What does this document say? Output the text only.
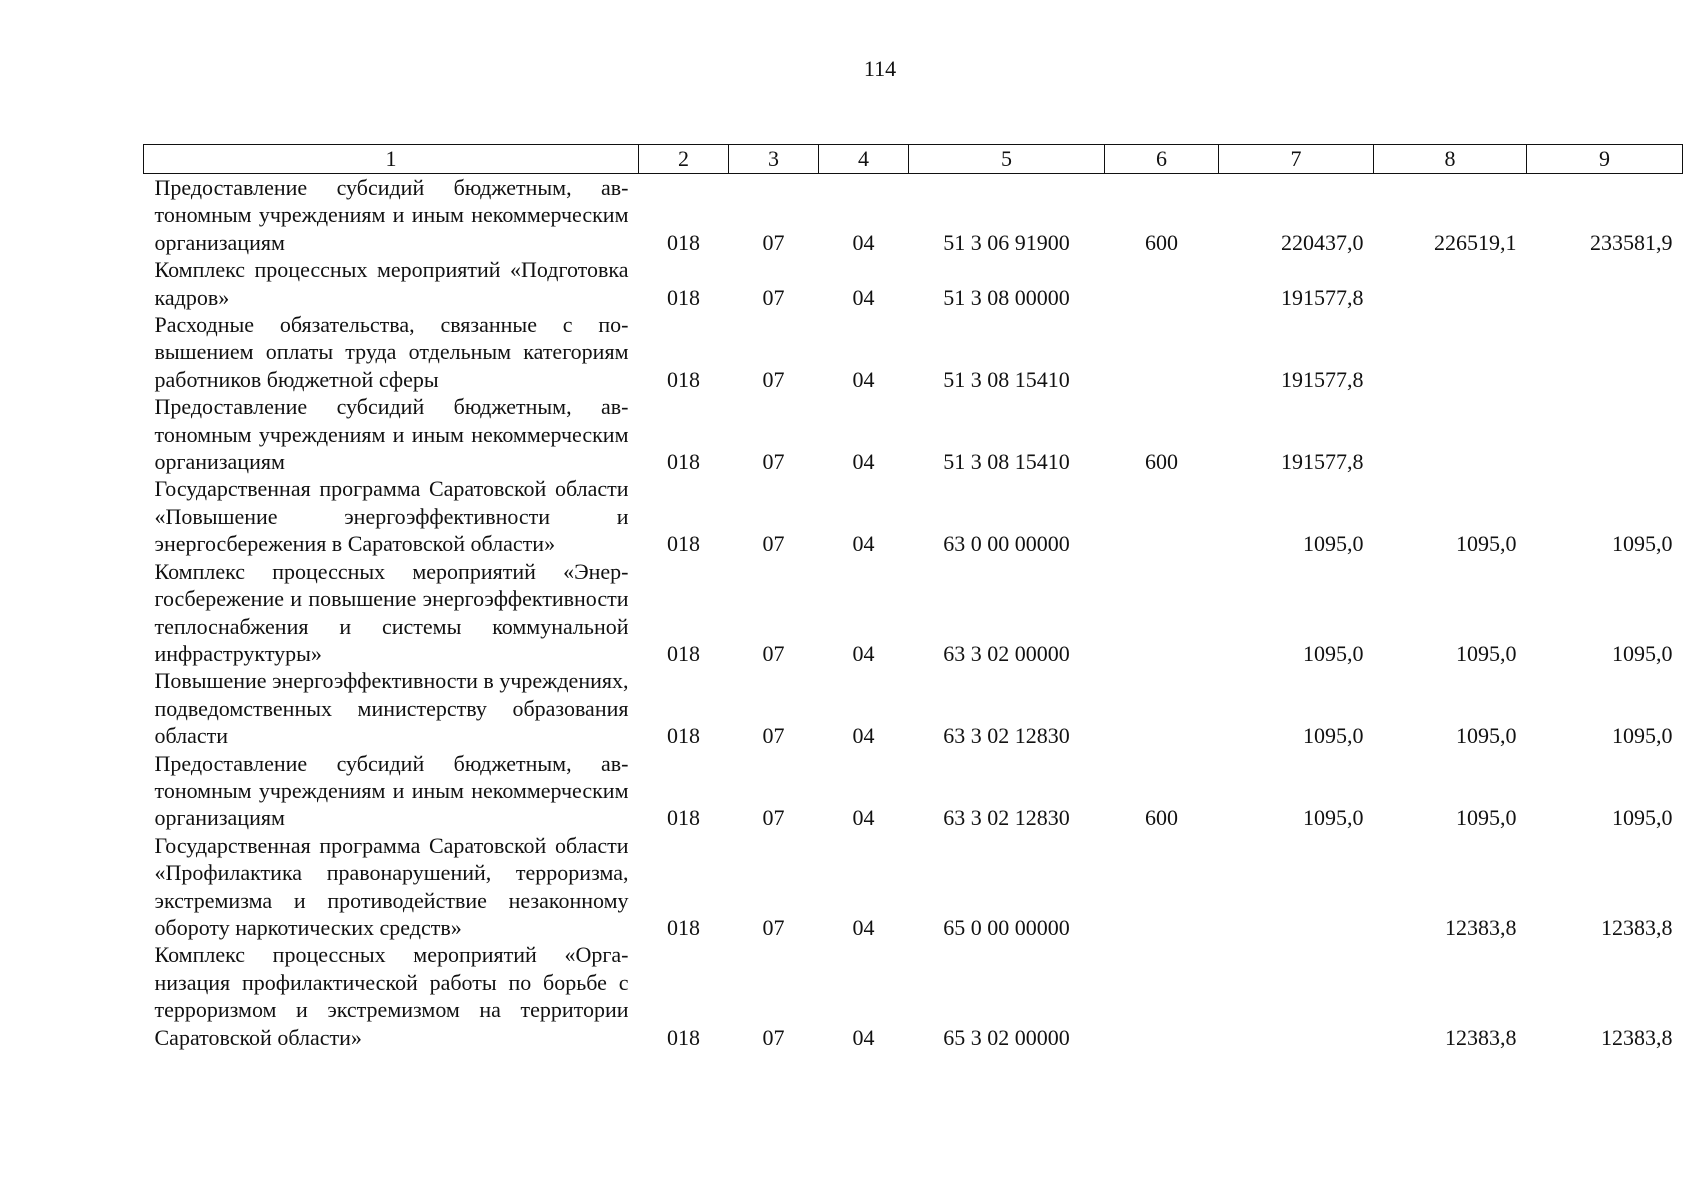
114
1	2	3	4	5	6	7	8	9
Предоставление субсидий бюджетным, автономным учреждениям и иным некоммерческим организациям	018	07	04	51 3 06 91900	600	220437,0	226519,1	233581,9
Комплекс процессных мероприятий «Подготовка кадров»	018	07	04	51 3 08 00000		191577,8		
Расходные обязательства, связанные с повышением оплаты труда отдельным категориям работников бюджетной сферы	018	07	04	51 3 08 15410		191577,8		
Предоставление субсидий бюджетным, автономным учреждениям и иным некоммерческим организациям	018	07	04	51 3 08 15410	600	191577,8		
Государственная программа Саратовской области «Повышение энергоэффективности и энергосбережения в Саратовской области»	018	07	04	63 0 00 00000		1095,0	1095,0	1095,0
Комплекс процессных мероприятий «Энергосбережение и повышение энергоэффективности теплоснабжения и системы коммунальной инфраструктуры»	018	07	04	63 3 02 00000		1095,0	1095,0	1095,0
Повышение энергоэффективности в учреждениях, подведомственных министерству образования области	018	07	04	63 3 02 12830		1095,0	1095,0	1095,0
Предоставление субсидий бюджетным, автономным учреждениям и иным некоммерческим организациям	018	07	04	63 3 02 12830	600	1095,0	1095,0	1095,0
Государственная программа Саратовской области «Профилактика правонарушений, терроризма, экстремизма и противодействие незаконному обороту наркотических средств»	018	07	04	65 0 00 00000			12383,8	12383,8
Комплекс процессных мероприятий «Организация профилактической работы по борьбе с терроризмом и экстремизмом на территории Саратовской области»	018	07	04	65 3 02 00000			12383,8	12383,8
